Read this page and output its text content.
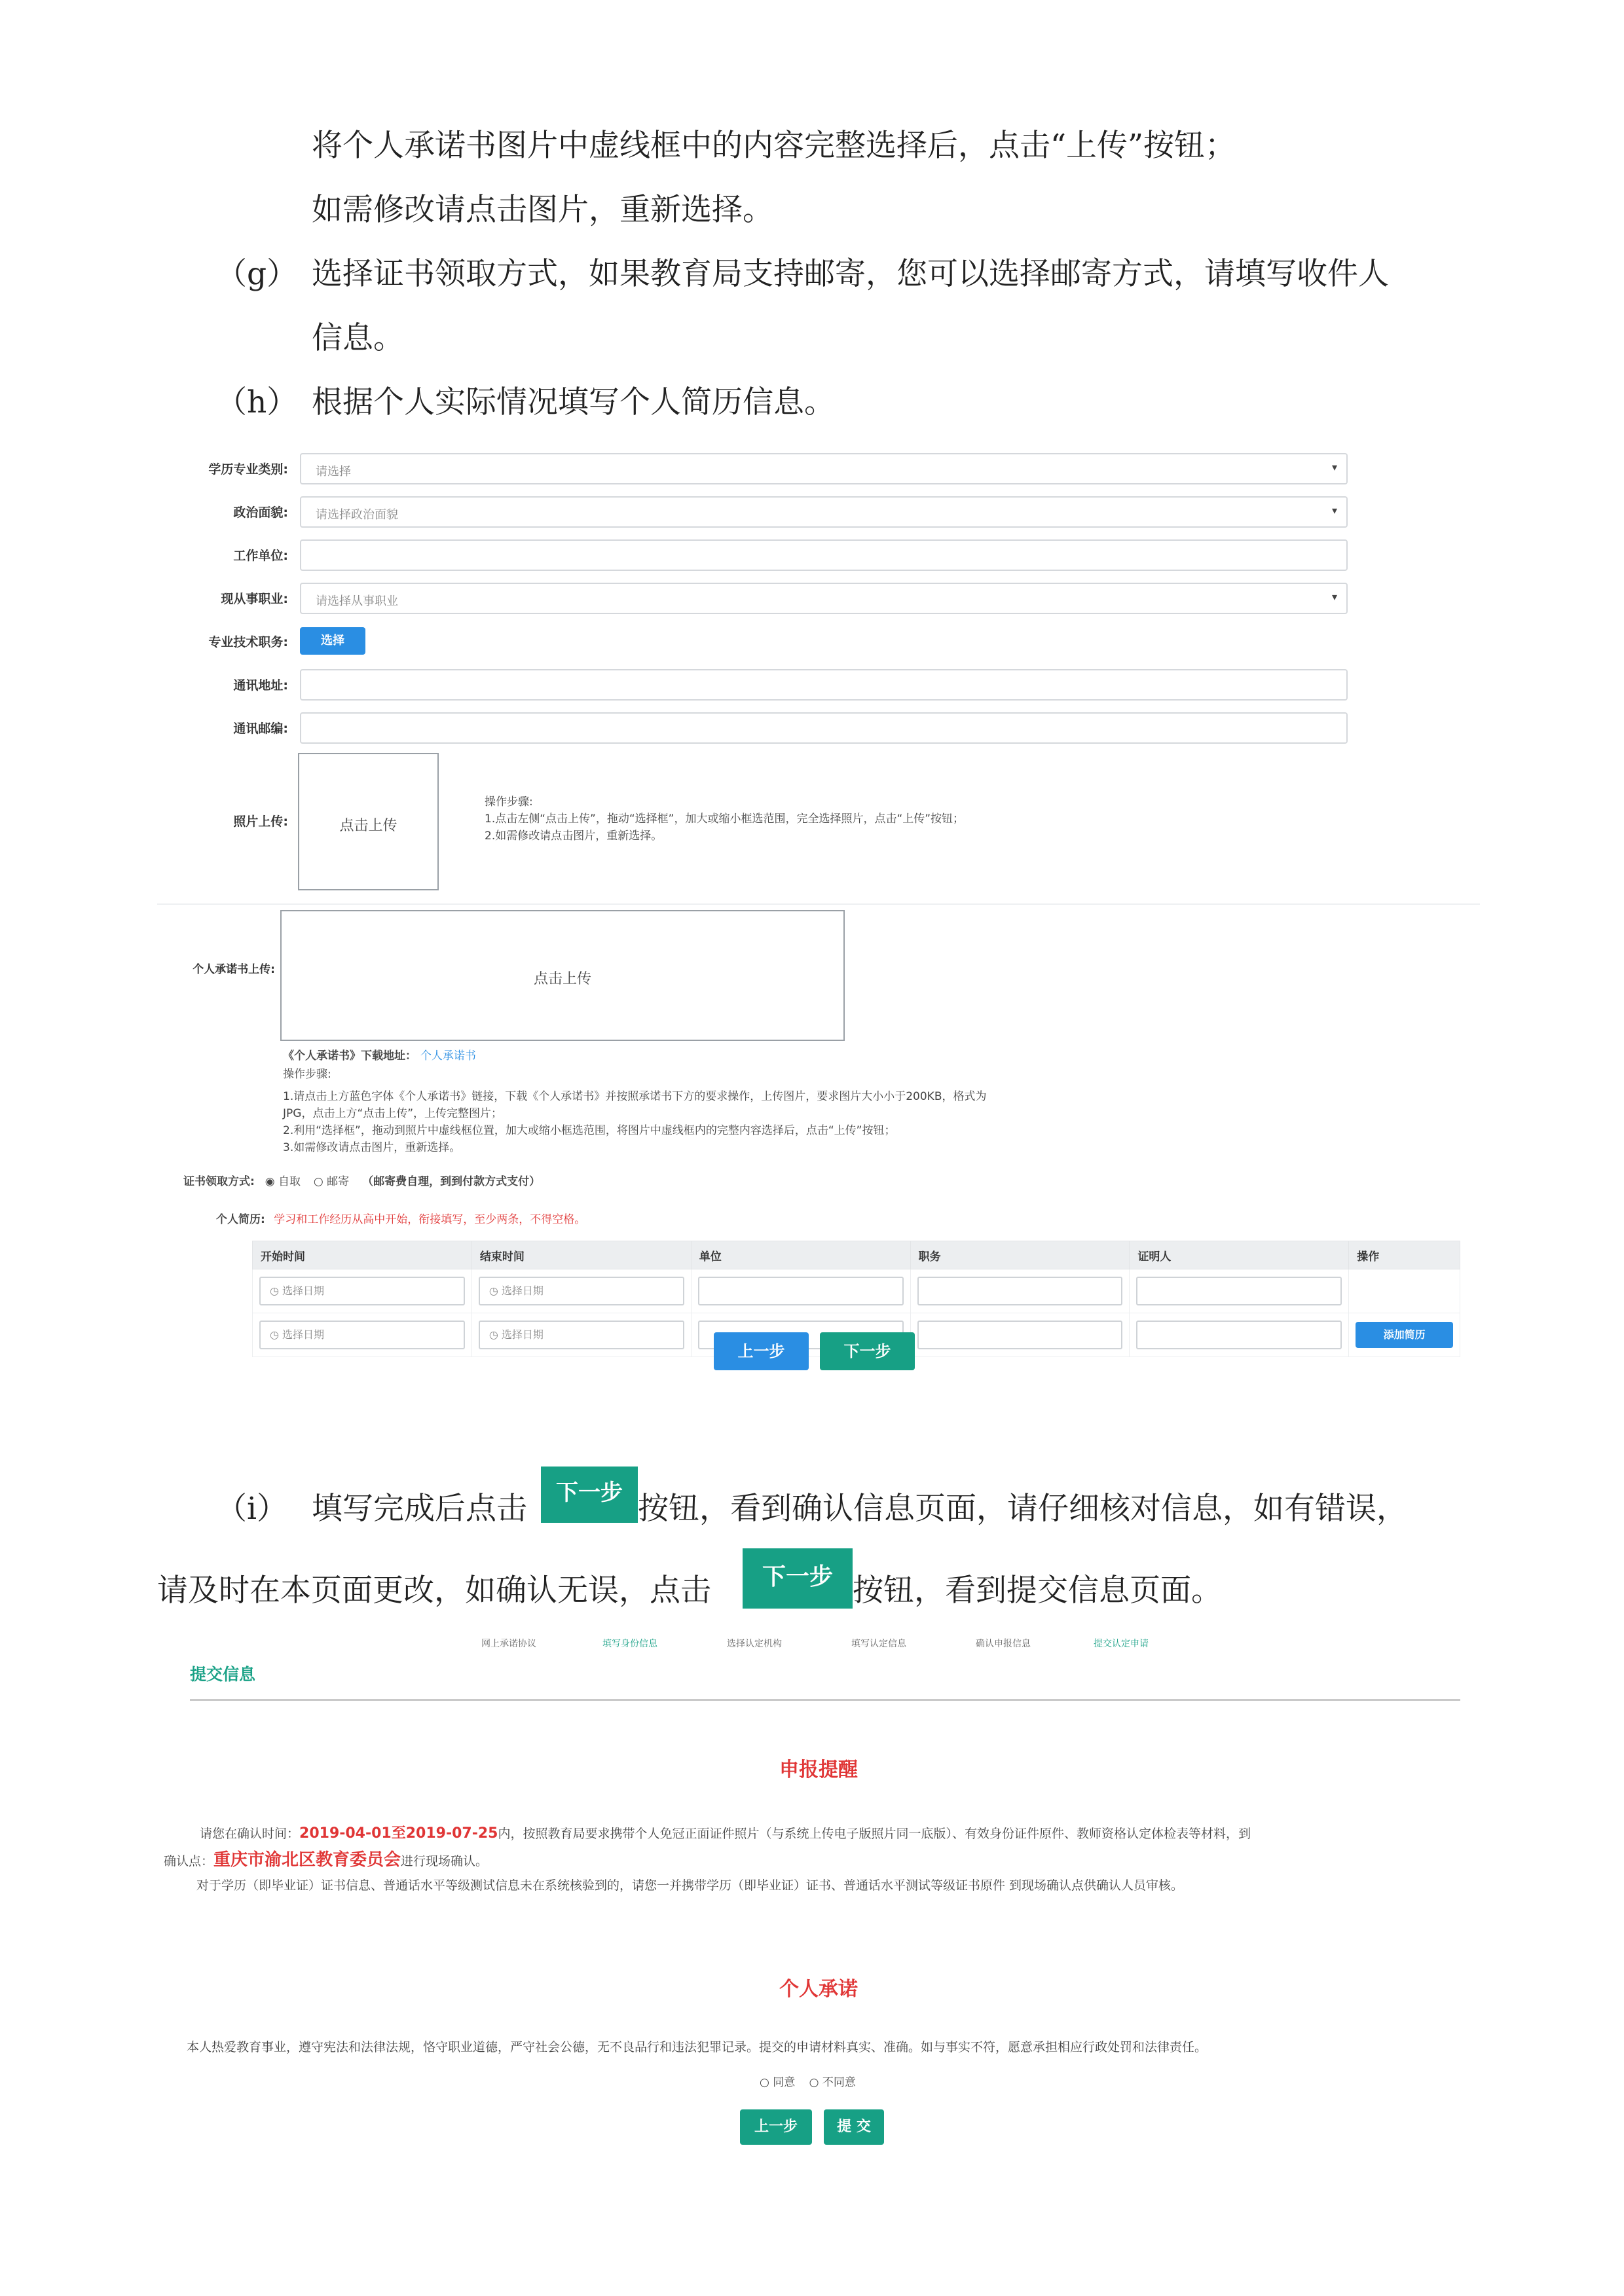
将个人承诺书图片中虚线框中的内容完整选择后，点击“上传”按钮；
如需修改请点击图片，重新选择。
（g） 选择证书领取方式，如果教育局支持邮寄，您可以选择邮寄方式，请填写收件人
信息。
（h） 根据个人实际情况填写个人简历信息。
学历专业类别: 请选择	▾
政治面貌: 请选择政治面貌	▾
工作单位:
现从事职业: 请选择从事职业	▾
专业技术职务:	选择
通讯地址:
通讯邮编:
照片上传:	点击上传
操作步骤:
1.点击左侧“点击上传”，拖动“选择框”，加大或缩小框选范围，完全选择照片，点击“上传”按钮；
2.如需修改请点击图片，重新选择。
个人承诺书上传:
点击上传
《个人承诺书》下载地址： 个人承诺书
操作步骤:
1.请点击上方蓝色字体《个人承诺书》链接，下载《个人承诺书》并按照承诺书下方的要求操作，上传图片，要求图片大小小于200KB，格式为
JPG，点击上方“点击上传”，上传完整图片；
2.利用“选择框”，拖动到照片中虚线框位置，加大或缩小框选范围，将图片中虚线框内的完整内容选择后，点击“上传”按钮；
3.如需修改请点击图片，重新选择。
证书领取方式: ◉ 自取 ○ 邮寄 （邮寄费自理，到到付款方式支付）
个人简历: 学习和工作经历从高中开始，衔接填写，至少两条，不得空格。
开始时间	结束时间	单位	职务	证明人	操作

◷ 选择日期	◷ 选择日期				

◷ 选择日期	◷ 选择日期				添加简历
上一步	下一步
（i） 填写完成后点击	下一步 按钮，看到确认信息页面，请仔细核对信息，如有错误，
请及时在本页面更改，如确认无误，点击	下一步 按钮，看到提交信息页面。
网上承诺协议	填写身份信息	选择认定机构	填写认定信息	确认申报信息	提交认定申请
提交信息
申报提醒
请您在确认时间：2019-04-01至2019-07-25内，按照教育局要求携带个人免冠正面证件照片（与系统上传电子版照片同一底版）、有效身份证件原件、教师资格认定体检表等材料，到
确认点：重庆市渝北区教育委员会进行现场确认。
对于学历（即毕业证）证书信息、普通话水平等级测试信息未在系统核验到的，请您一并携带学历（即毕业证）证书、普通话水平测试等级证书原件 到现场确认点供确认人员审核。
个人承诺
本人热爱教育事业，遵守宪法和法律法规，恪守职业道德，严守社会公德，无不良品行和违法犯罪记录。提交的申请材料真实、准确。如与事实不符，愿意承担相应行政处罚和法律责任。
○ 同意 ○ 不同意
上一步	提 交
